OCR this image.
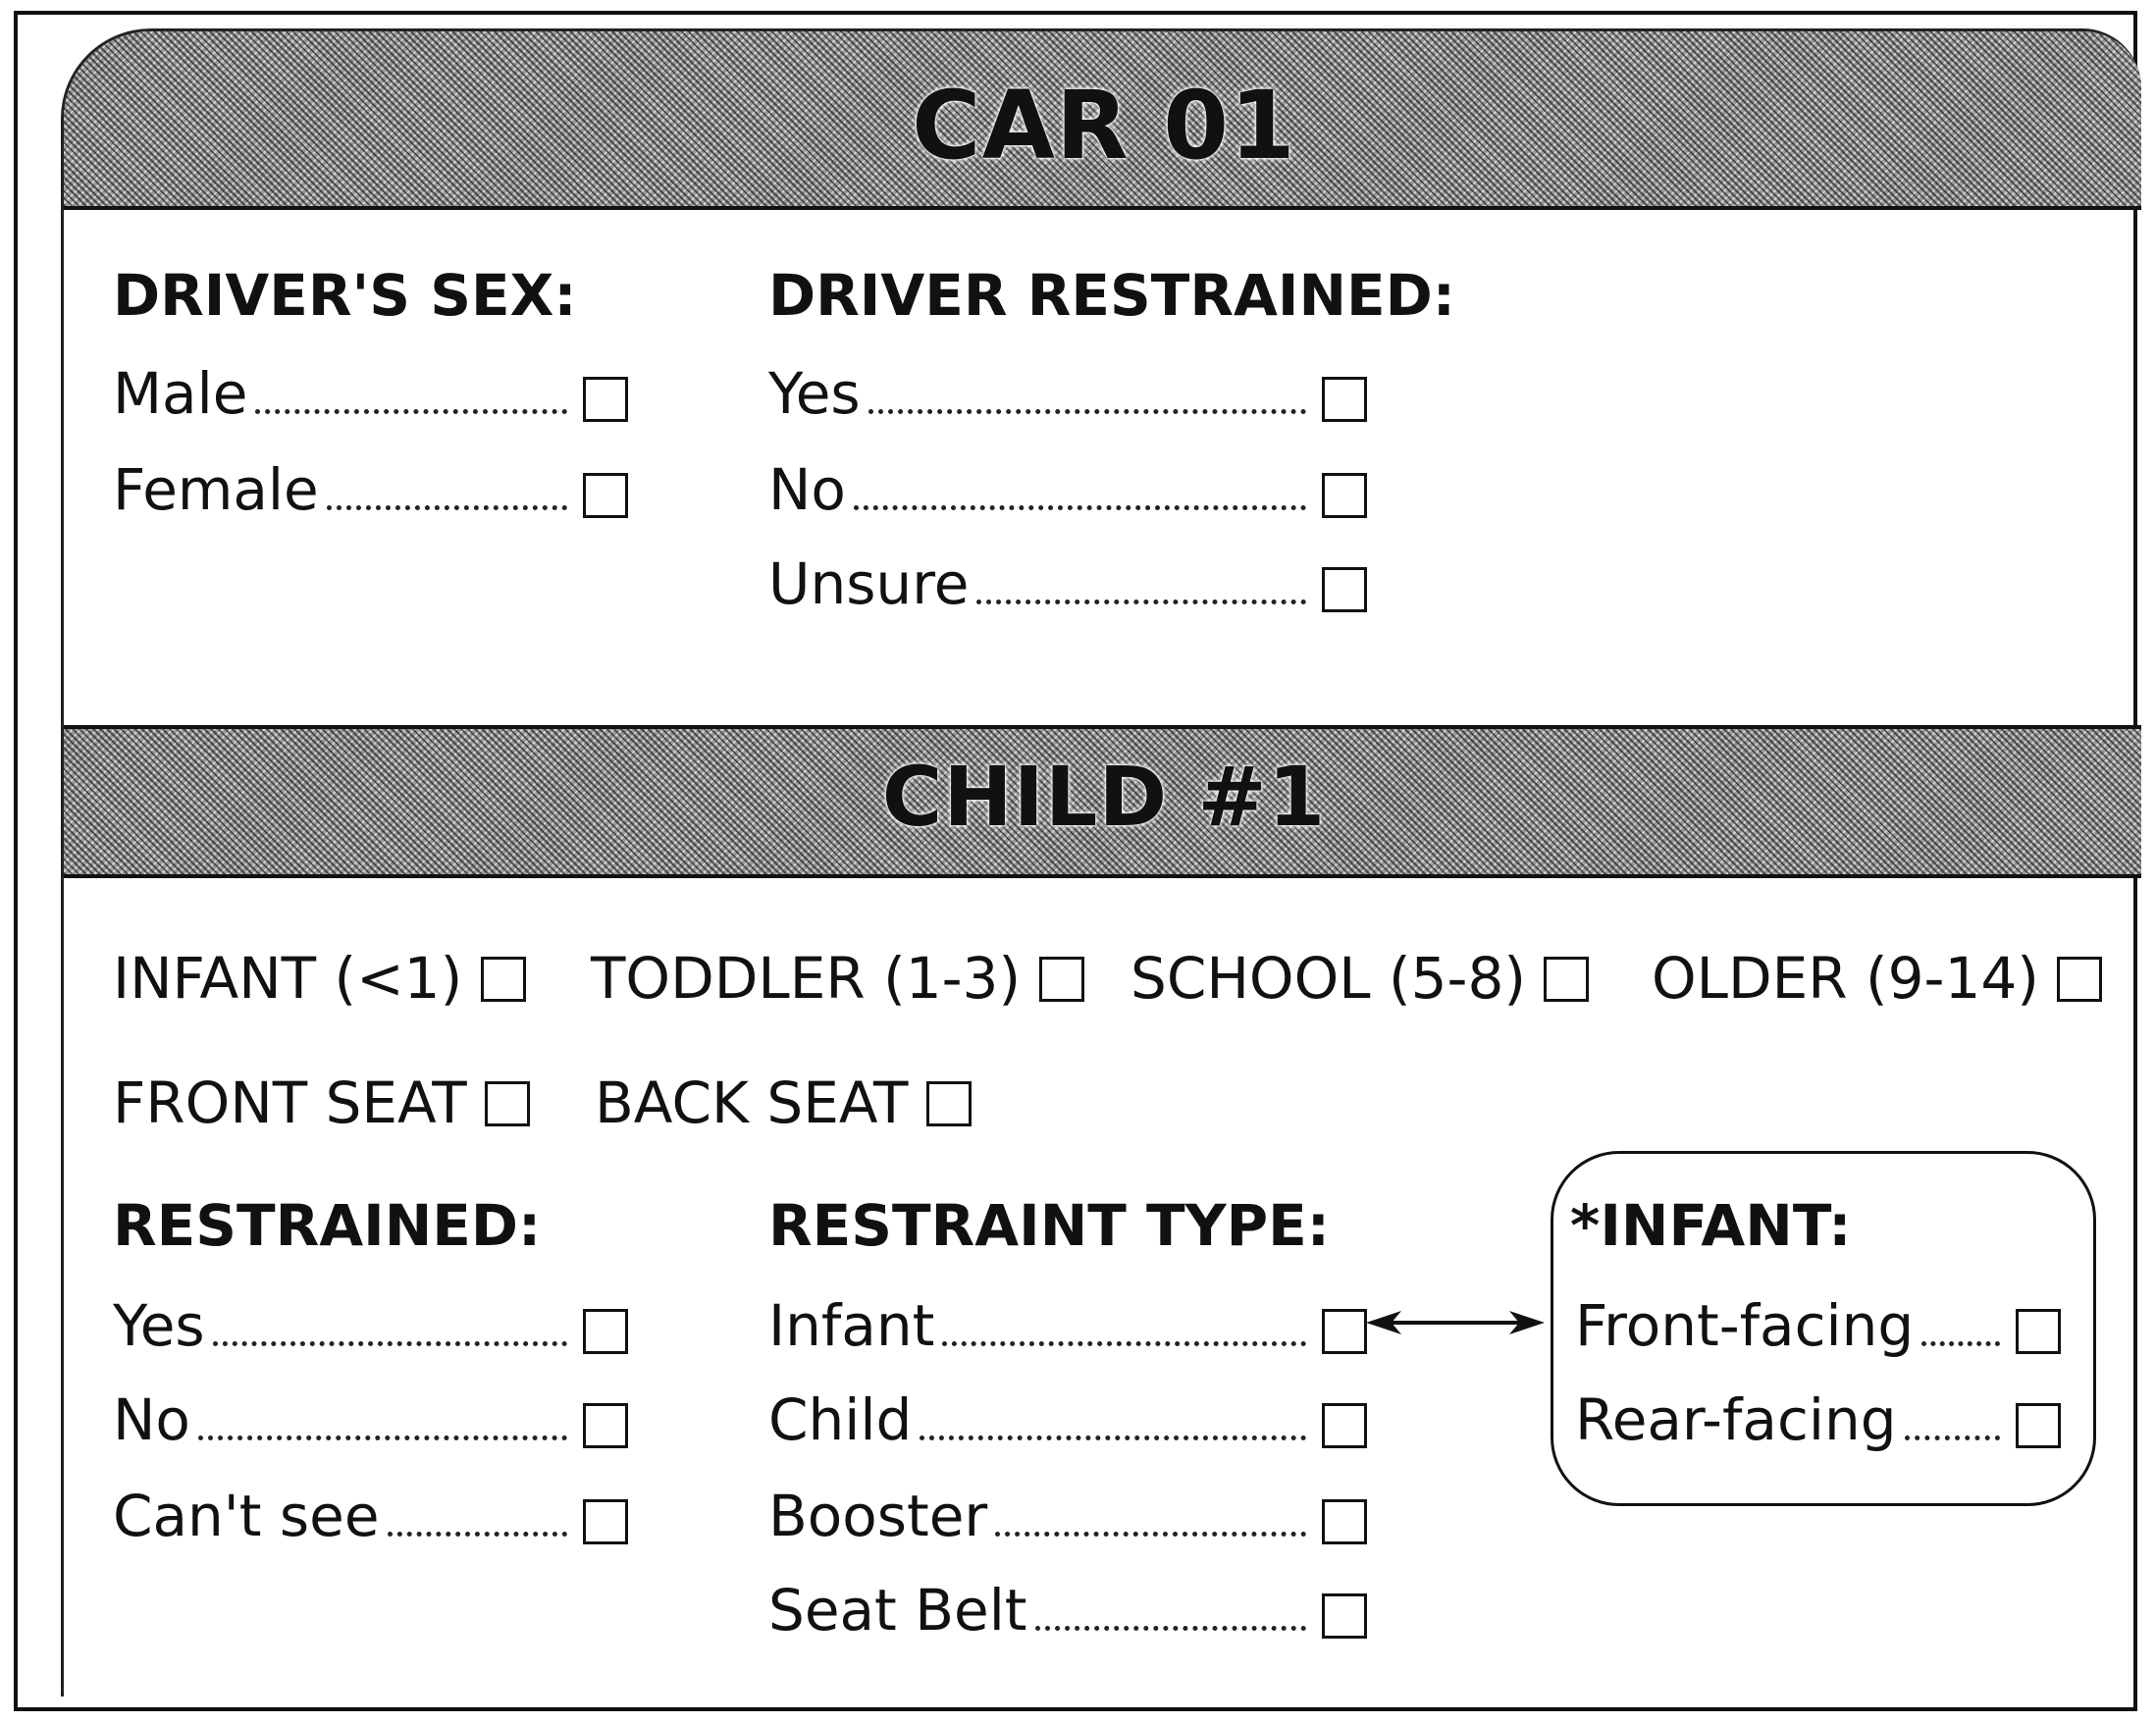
CAR 01
CHILD #1
DRIVER'S SEX:
Male
Female
DRIVER RESTRAINED:
Yes
No
Unsure
INFANT (<1)	TODDLER (1-3)	SCHOOL (5-8)	OLDER (9-14)
FRONT SEAT	BACK SEAT
RESTRAINED:
Yes
No
Can't see
RESTRAINT TYPE:
Infant
Child
Booster
Seat Belt
*INFANT:
Front-facing
Rear-facing
